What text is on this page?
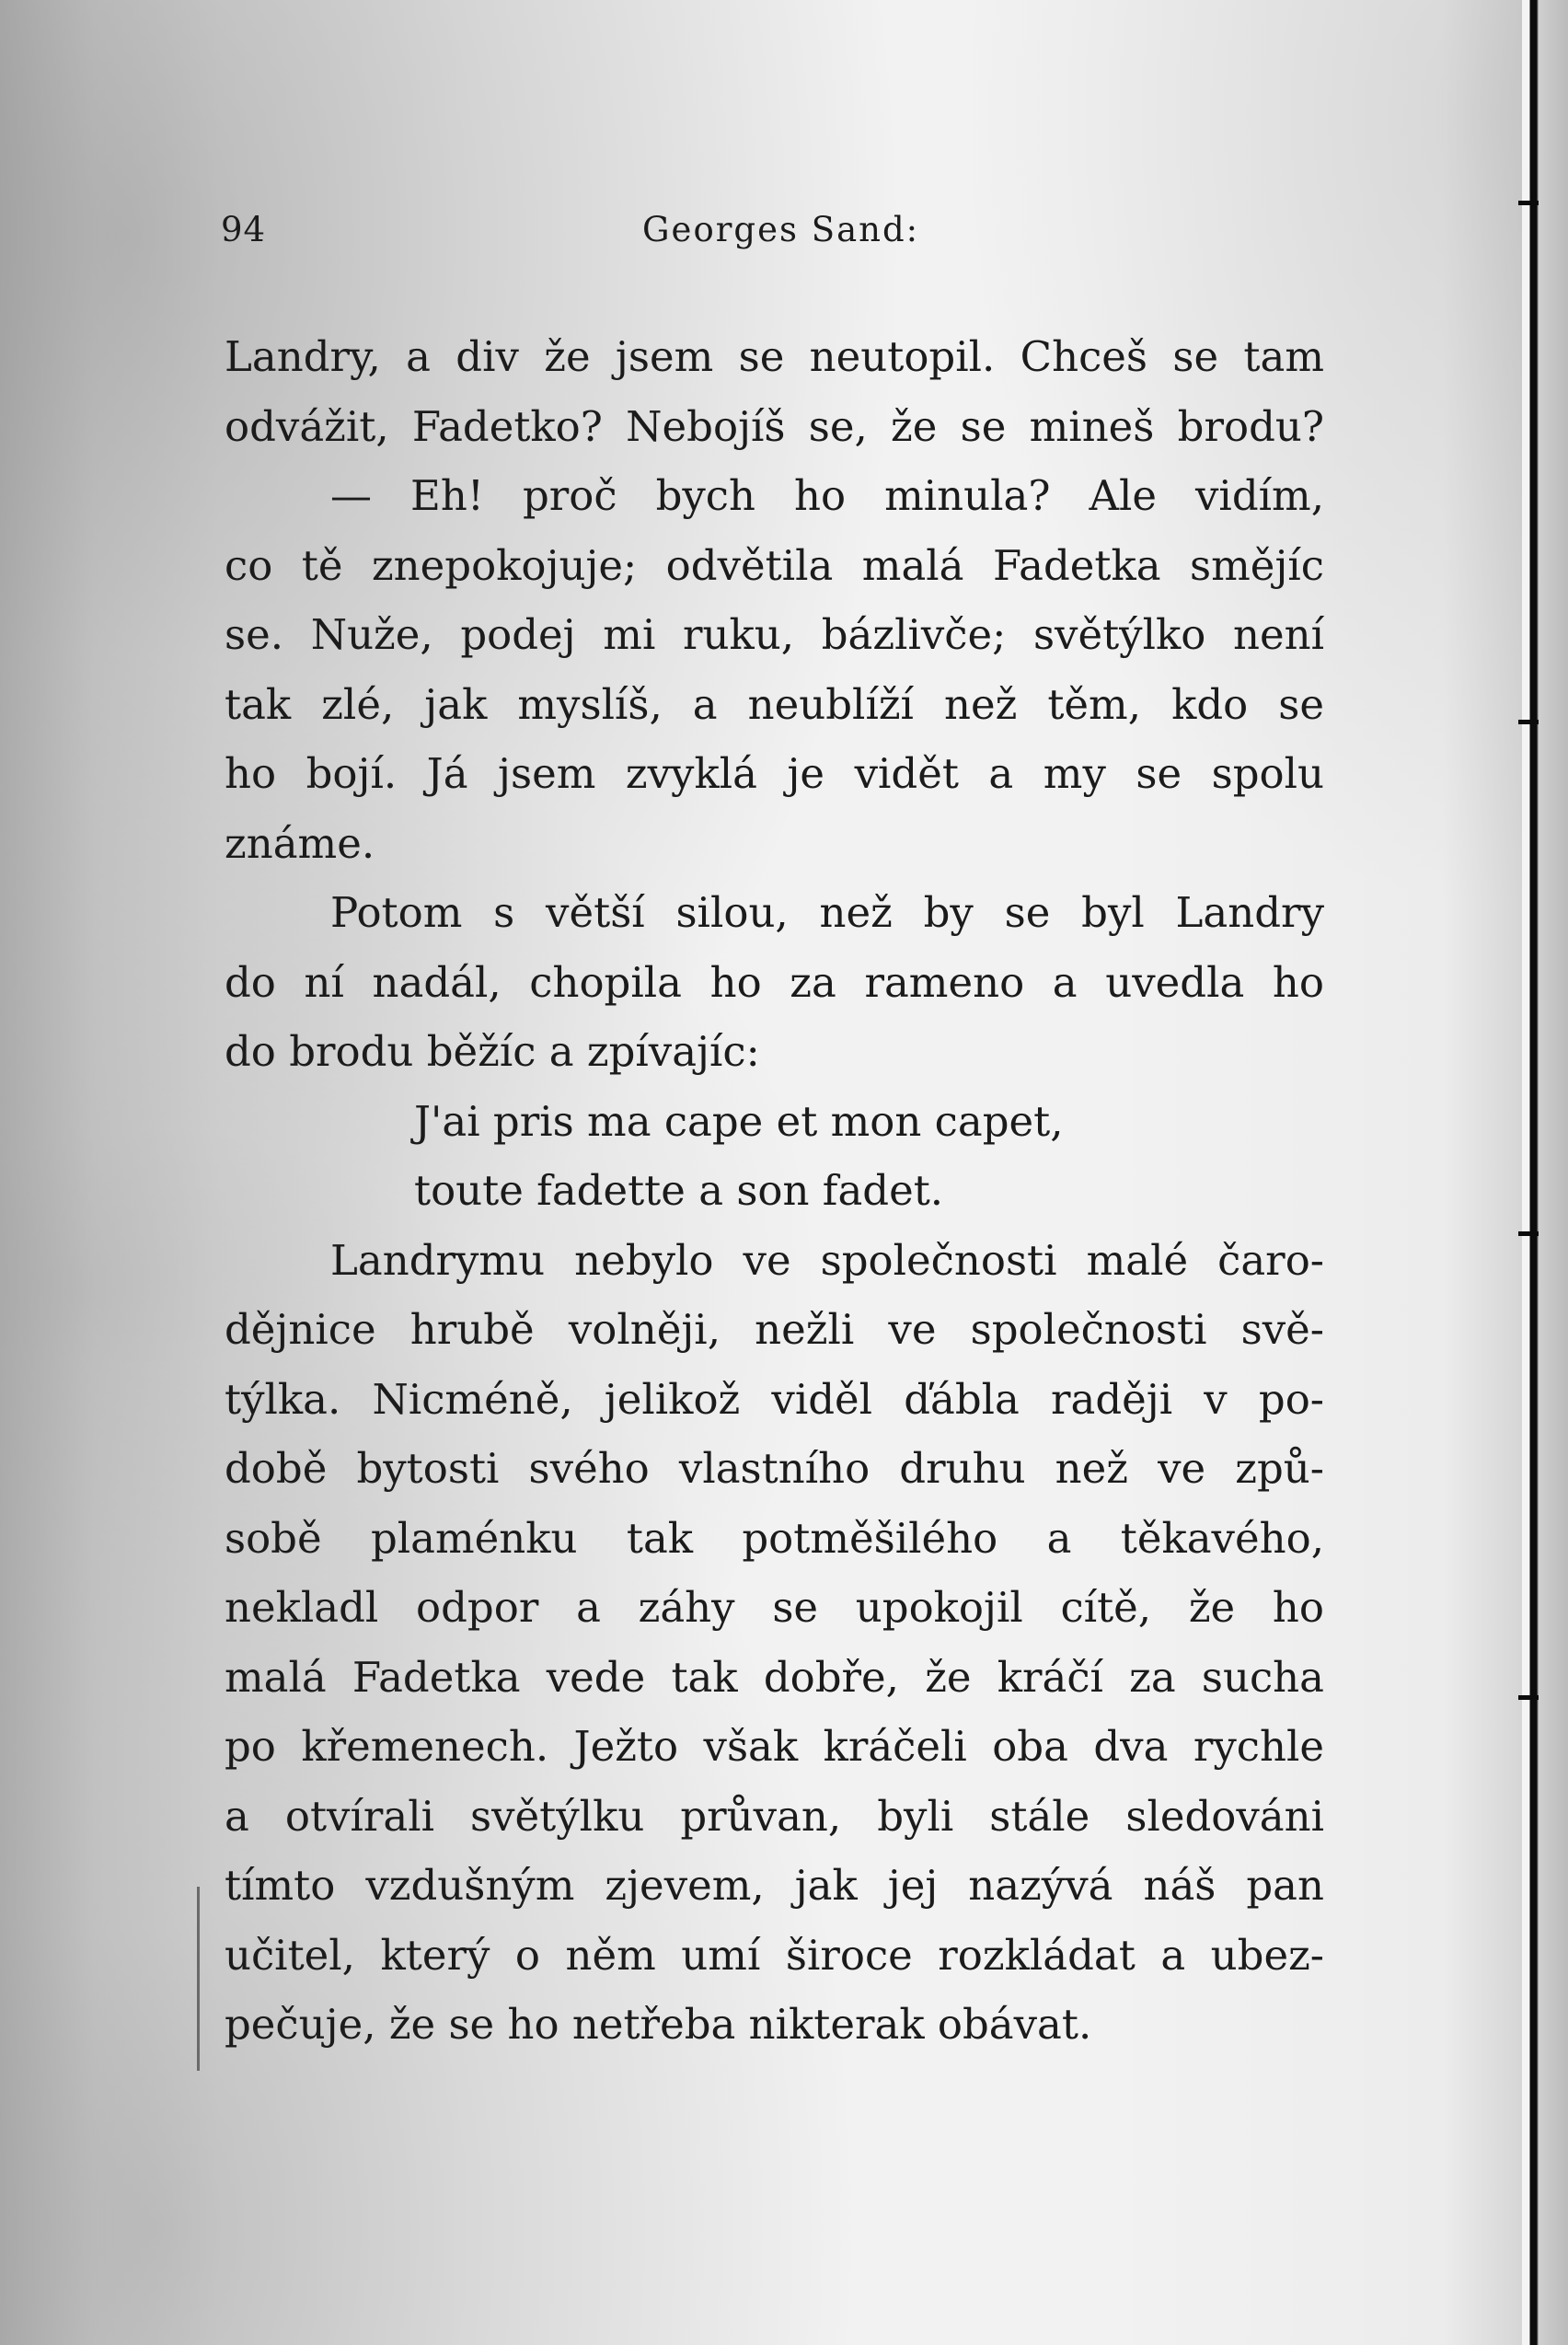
94	Georges Sand:
Landry, a div že jsem se neutopil. Chceš se tam
odvážit, Fadetko? Nebojíš se, že se mineš brodu?
— Eh! proč bych ho minula? Ale vidím,
co tě znepokojuje; odvětila malá Fadetka smějíc
se. Nuže, podej mi ruku, bázlivče; světýlko není
tak zlé, jak myslíš, a neublíží než těm, kdo se
ho bojí. Já jsem zvyklá je vidět a my se spolu
známe.
Potom s větší silou, než by se byl Landry
do ní nadál, chopila ho za rameno a uvedla ho
do brodu běžíc a zpívajíc:
J'ai pris ma cape et mon capet,
toute fadette a son fadet.
Landrymu nebylo ve společnosti malé čaro-
dějnice hrubě volněji, nežli ve společnosti svě-
týlka. Nicméně, jelikož viděl ďábla raději v po-
době bytosti svého vlastního druhu než ve způ-
sobě plaménku tak potměšilého a těkavého,
nekladl odpor a záhy se upokojil cítě, že ho
malá Fadetka vede tak dobře, že kráčí za sucha
po křemenech. Ježto však kráčeli oba dva rychle
a otvírali světýlku průvan, byli stále sledováni
tímto vzdušným zjevem, jak jej nazývá náš pan
učitel, který o něm umí široce rozkládat a ubez-
pečuje, že se ho netřeba nikterak obávat.
